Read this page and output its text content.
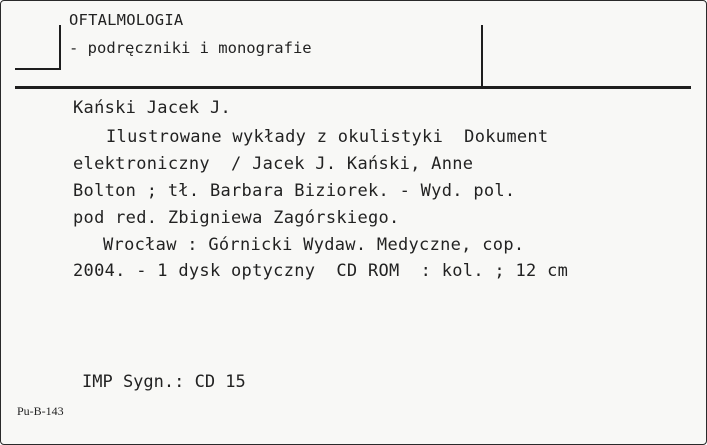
OFTALMOLOGIA
- podręczniki i monografie
Kański Jacek J.
Ilustrowane wykłady z okulistyki  Dokument
elektroniczny  / Jacek J. Kański, Anne
Bolton ; tł. Barbara Biziorek. - Wyd. pol.
pod red. Zbigniewa Zagórskiego.
Wrocław : Górnicki Wydaw. Medyczne, cop.
2004. - 1 dysk optyczny  CD ROM  : kol. ; 12 cm
IMP Sygn.: CD 15
Pu-B-143
